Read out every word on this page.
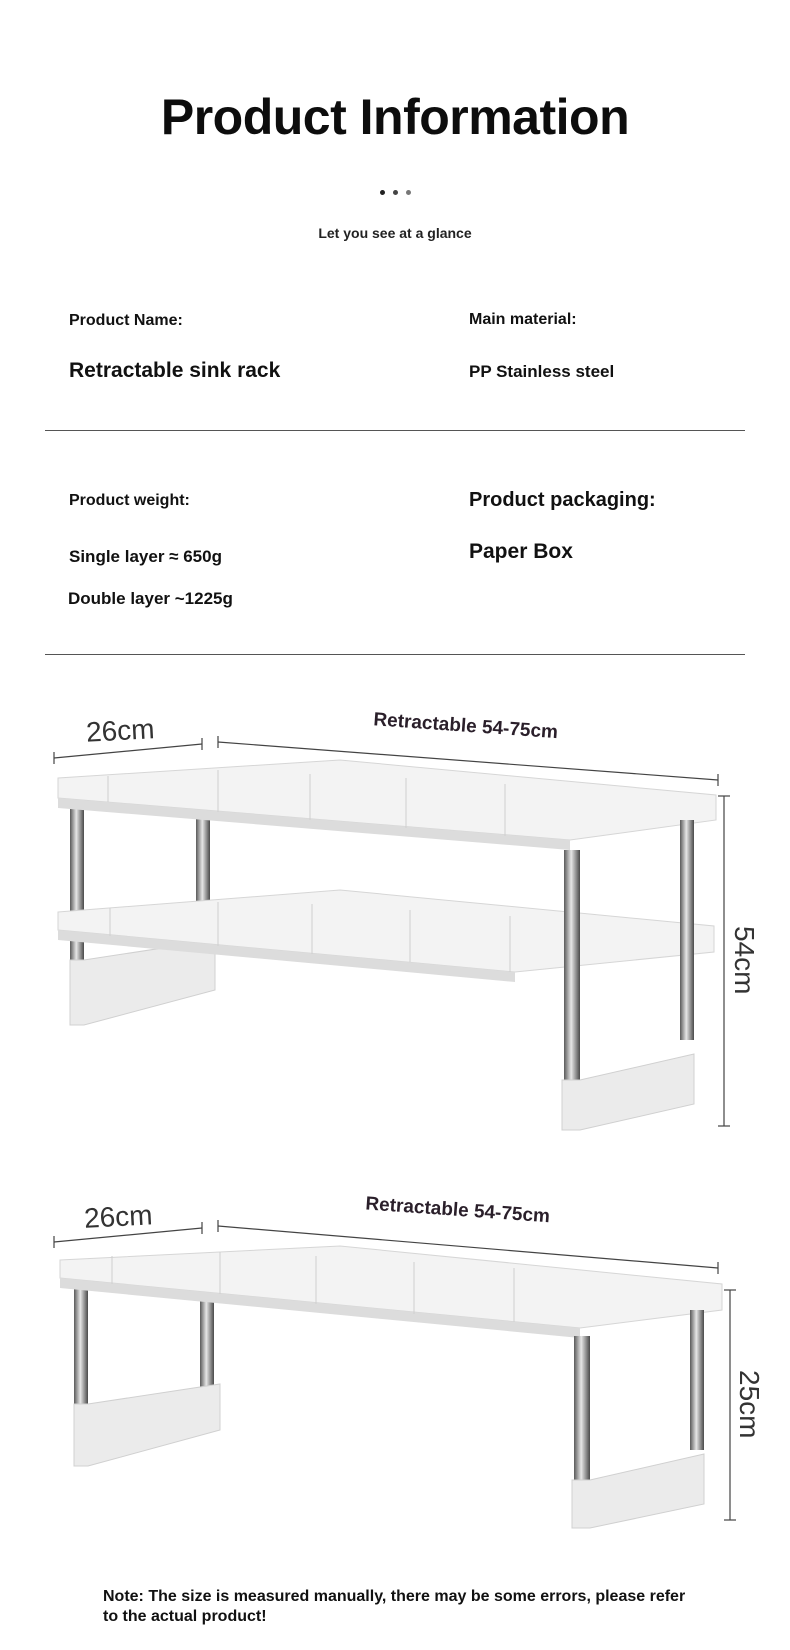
Product Information
Let you see at a glance
Product Name:
Retractable sink rack
Main material:
PP Stainless steel
Product weight:
Single layer ≈ 650g
Double layer ~1225g
Product packaging:
Paper Box
26cm	Retractable 54-75cm
54cm
26cm	Retractable 54-75cm
25cm
Note: The size is measured manually, there may be some errors, please refer to the actual product!
